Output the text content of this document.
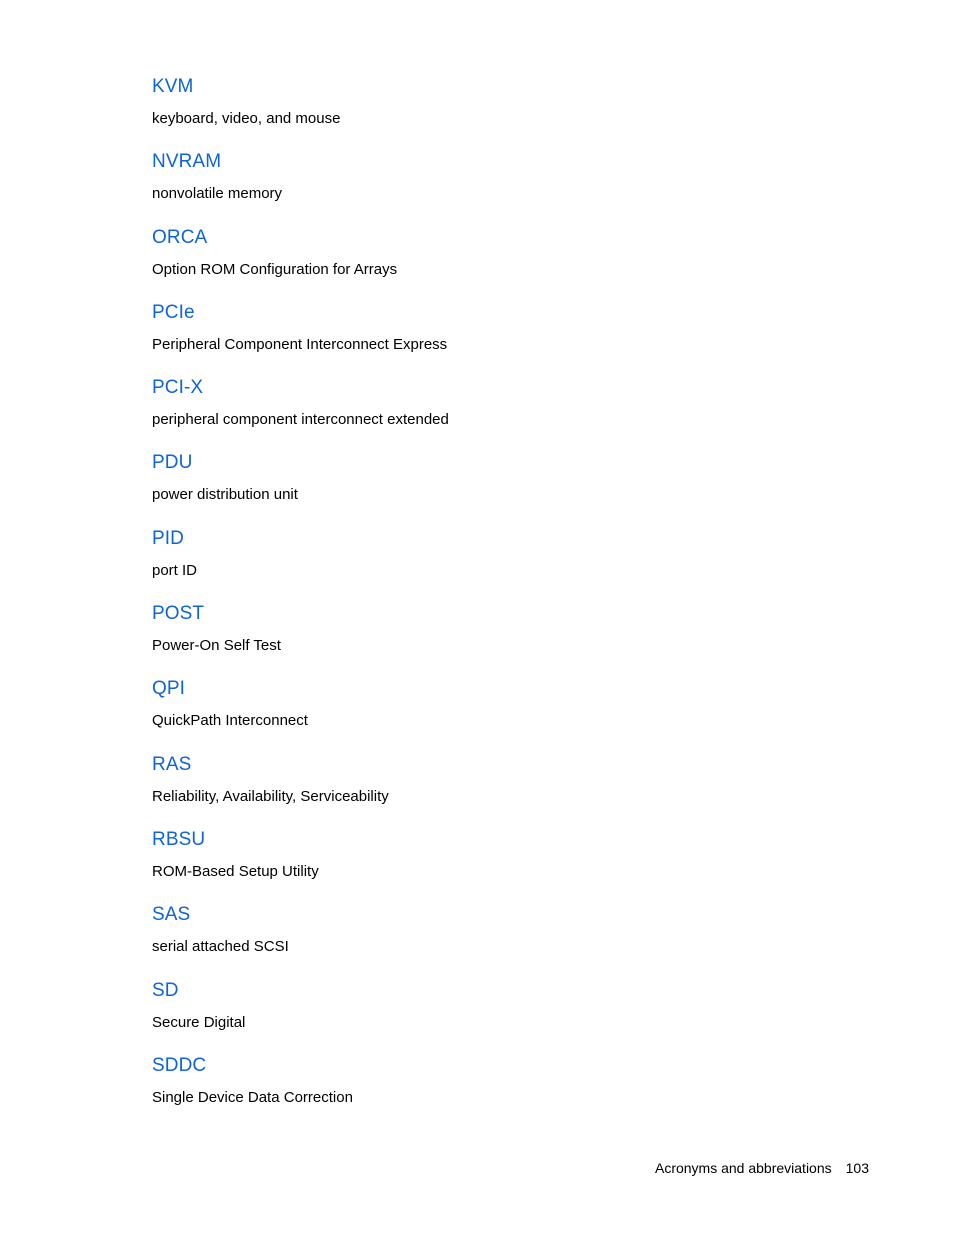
KVM
keyboard, video, and mouse
NVRAM
nonvolatile memory
ORCA
Option ROM Configuration for Arrays
PCIe
Peripheral Component Interconnect Express
PCI-X
peripheral component interconnect extended
PDU
power distribution unit
PID
port ID
POST
Power-On Self Test
QPI
QuickPath Interconnect
RAS
Reliability, Availability, Serviceability
RBSU
ROM-Based Setup Utility
SAS
serial attached SCSI
SD
Secure Digital
SDDC
Single Device Data Correction
Acronyms and abbreviations 103
